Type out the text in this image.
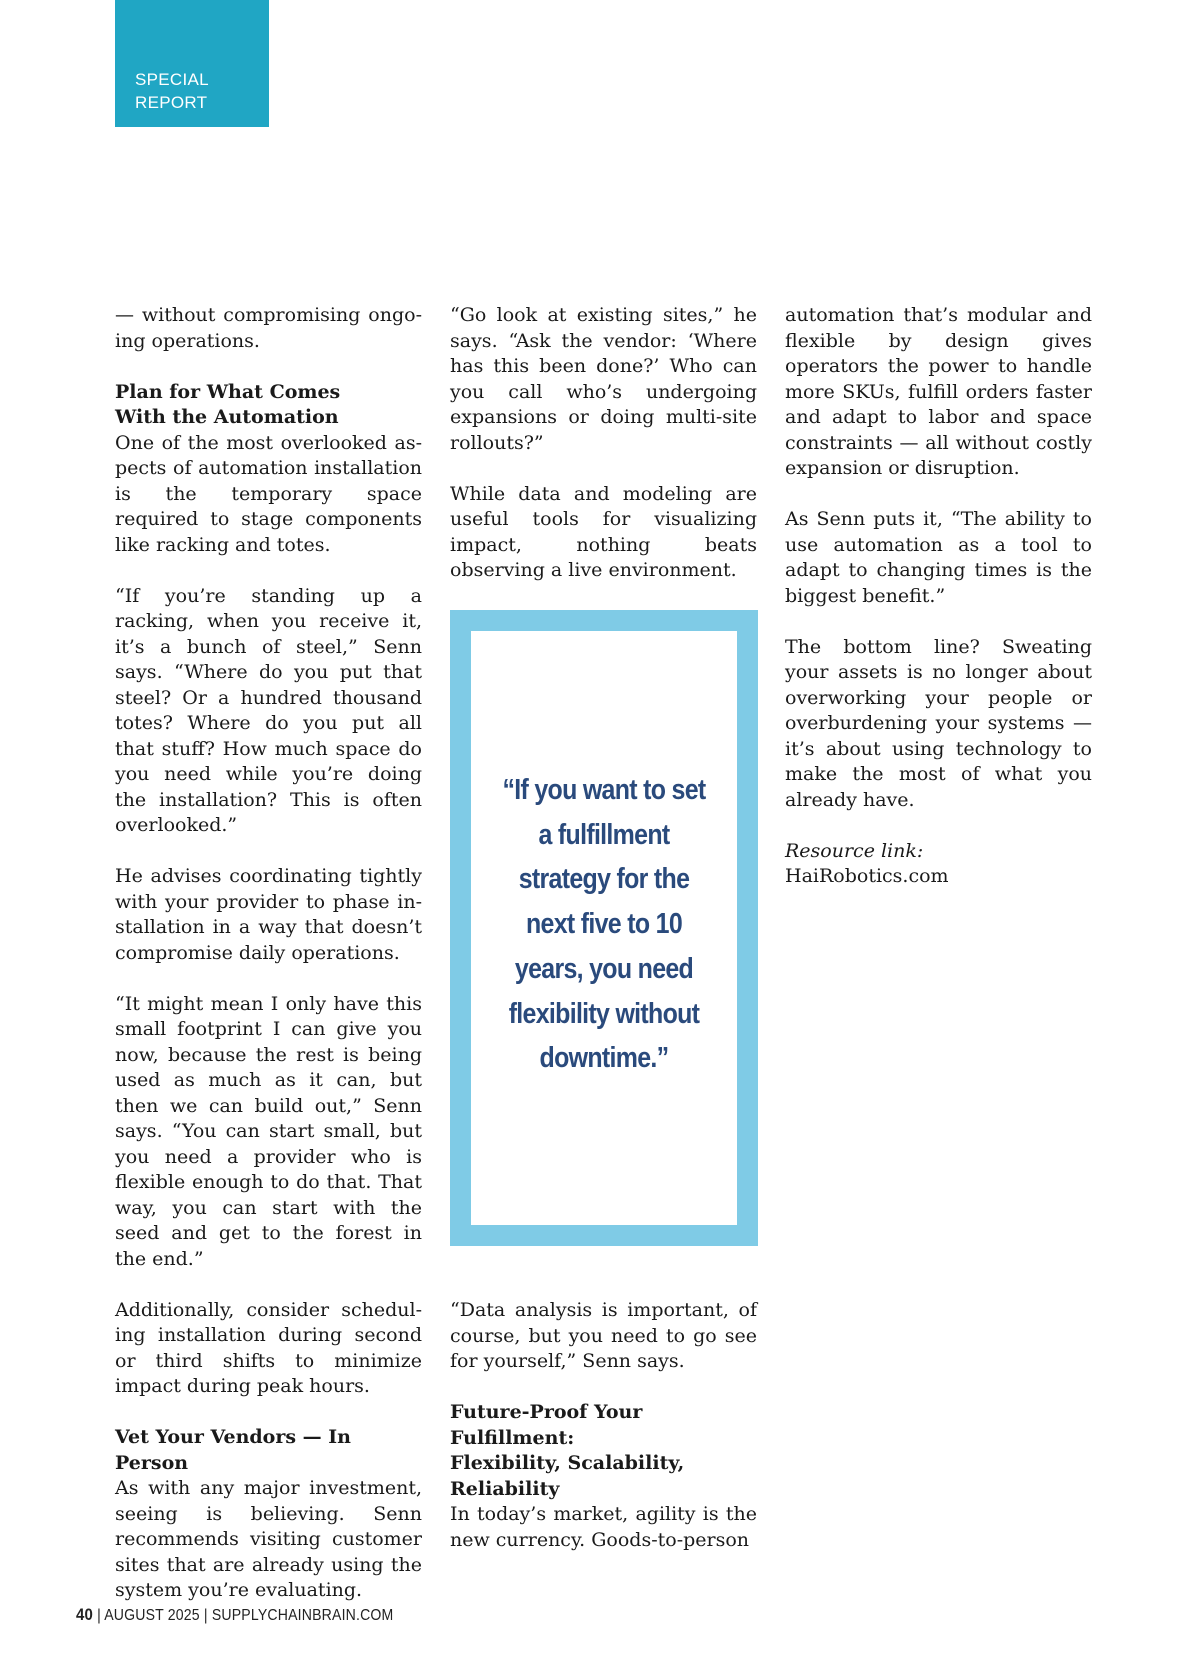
SPECIAL
REPORT

— without compromising ongoing operations.

Plan for What Comes
With the Automation

One of the most overlooked aspects of automation installation is the temporary space required to stage components like racking and totes.

“If you’re standing up a racking, when you receive it, it’s a bunch of steel,” Senn says. “Where do you put that steel? Or a hundred thousand totes? Where do you put all that stuff? How much space do you need while you’re doing the installation? This is often overlooked.”

He advises coordinating tightly with your provider to phase installation in a way that doesn’t compromise daily operations.

“It might mean I only have this small footprint I can give you now, because the rest is being used as much as it can, but then we can build out,” Senn says. “You can start small, but you need a provider who is flexible enough to do that. That way, you can start with the seed and get to the forest in the end.”

Additionally, consider scheduling installation during second or third shifts to minimize impact during peak hours.

Vet Your Vendors — In Person

As with any major investment, seeing is believing. Senn recommends visiting customer sites that are already using the system you’re evaluating.

“Go look at existing sites,” he says. “Ask the vendor: ‘Where has this been done?’ Who can you call who’s undergoing expansions or doing multi-site rollouts?”

While data and modeling are useful tools for visualizing impact, nothing beats observing a live environment.

“If you want to set a fulfillment strategy for the next five to 10 years, you need flexibility without downtime.”

“Data analysis is important, of course, but you need to go see for yourself,” Senn says.

Future-Proof Your Fulfillment:
Flexibility, Scalability,
Reliability

In today’s market, agility is the new currency. Goods-to-person

automation that’s modular and flexible by design gives operators the power to handle more SKUs, fulfill orders faster and adapt to labor and space constraints — all without costly expansion or disruption.

As Senn puts it, “The ability to use automation as a tool to adapt to changing times is the biggest benefit.”

The bottom line? Sweating your assets is no longer about overworking your people or overburdening your systems — it’s about using technology to make the most of what you already have.

Resource link:
HaiRobotics.com
40 | AUGUST 2025 | SUPPLYCHAINBRAIN.COM
